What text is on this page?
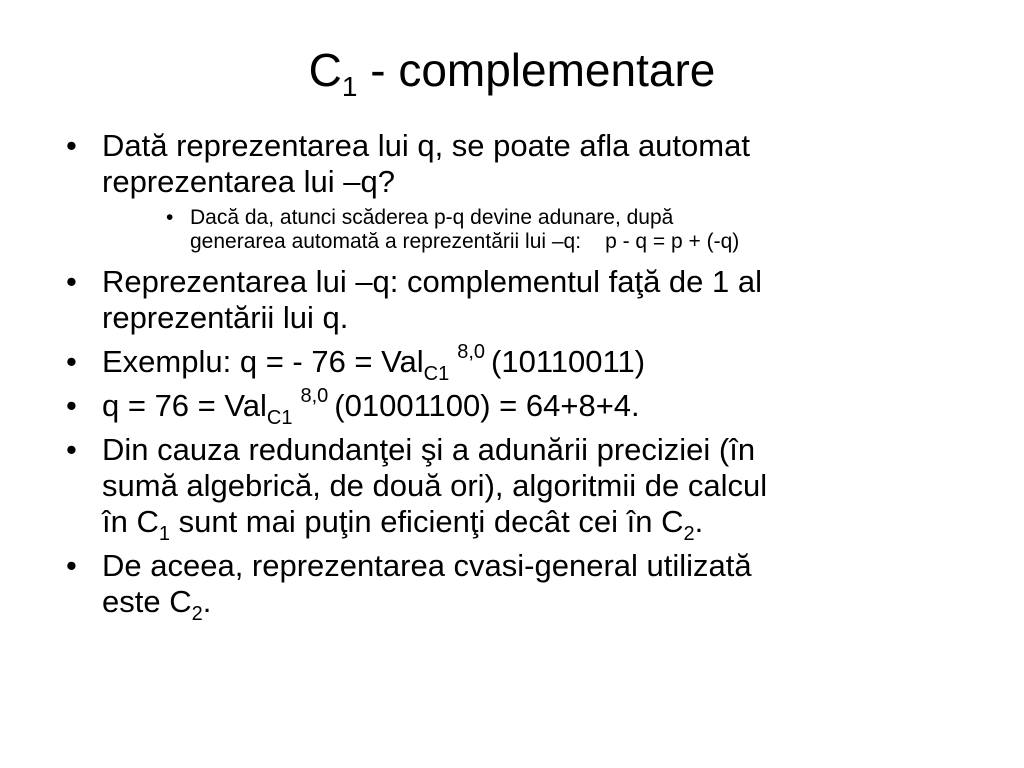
$C_1$ - complementare
• Dată reprezentarea lui q, se poate afla automat
reprezentarea lui –q?
• Dacă da, atunci scăderea p-q devine adunare, după
generarea automată a reprezentării lui –q: p - q = p + (-q)
• Reprezentarea lui –q: complementul faţă de 1 al
reprezentării lui q.
• Exemplu: q = - 76 = Val$_{C1}^{8,0}$ (10110011)
• q = 76 = Val$_{C1}^{8,0}$ (01001100) = 64+8+4.
• Din cauza redundanţei şi a adunării preciziei (în
sumă algebrică, de două ori), algoritmii de calcul
în $C_1$ sunt mai puţin eficienţi decât cei în $C_2$.
• De aceea, reprezentarea cvasi-general utilizată
este $C_2$.
